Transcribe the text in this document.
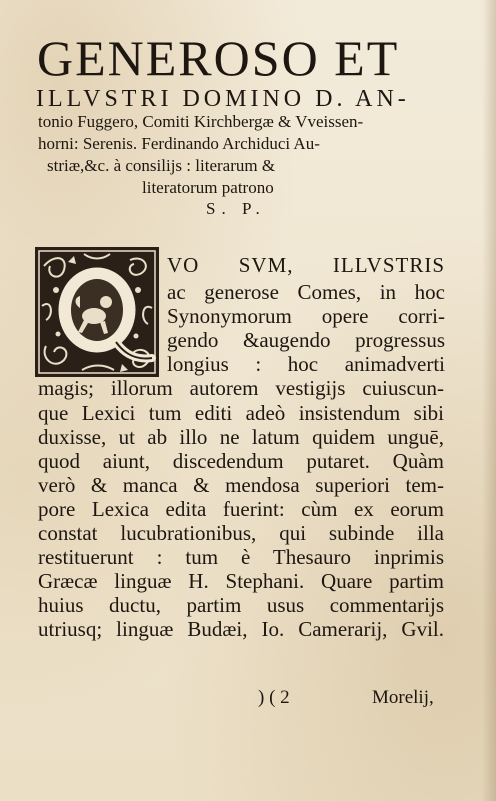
GENEROSO ET

ILLVSTRI DOMINO D. AN-

tonio Fuggero, Comiti Kirchbergæ & Vveissen-

horni: Serenis. Ferdinando Archiduci Au-

striæ,&c. à consilijs : literarum &

literatorum patrono

S. P.

VO SVM, ILLVSTRIS

ac generose Comes, in hoc

Synonymorum opere corri-

gendo &augendo progressus

longius : hoc animadverti

magis; illorum autorem vestigijs cuiuscun-

que Lexici tum editi adeò insistendum sibi

duxisse, ut ab illo ne latum quidem unguē,

quod aiunt, discedendum putaret. Quàm

verò & manca & mendosa superiori tem-

pore Lexica edita fuerint: cùm ex eorum

constat lucubrationibus, qui subinde illa

restituerunt : tum è Thesauro inprimis

Græcæ linguæ H. Stephani. Quare partim

huius ductu, partim usus commentarijs

utriusq; linguæ Budæi, Io. Camerarij, Gvil.

) ( 2	Morelij,
